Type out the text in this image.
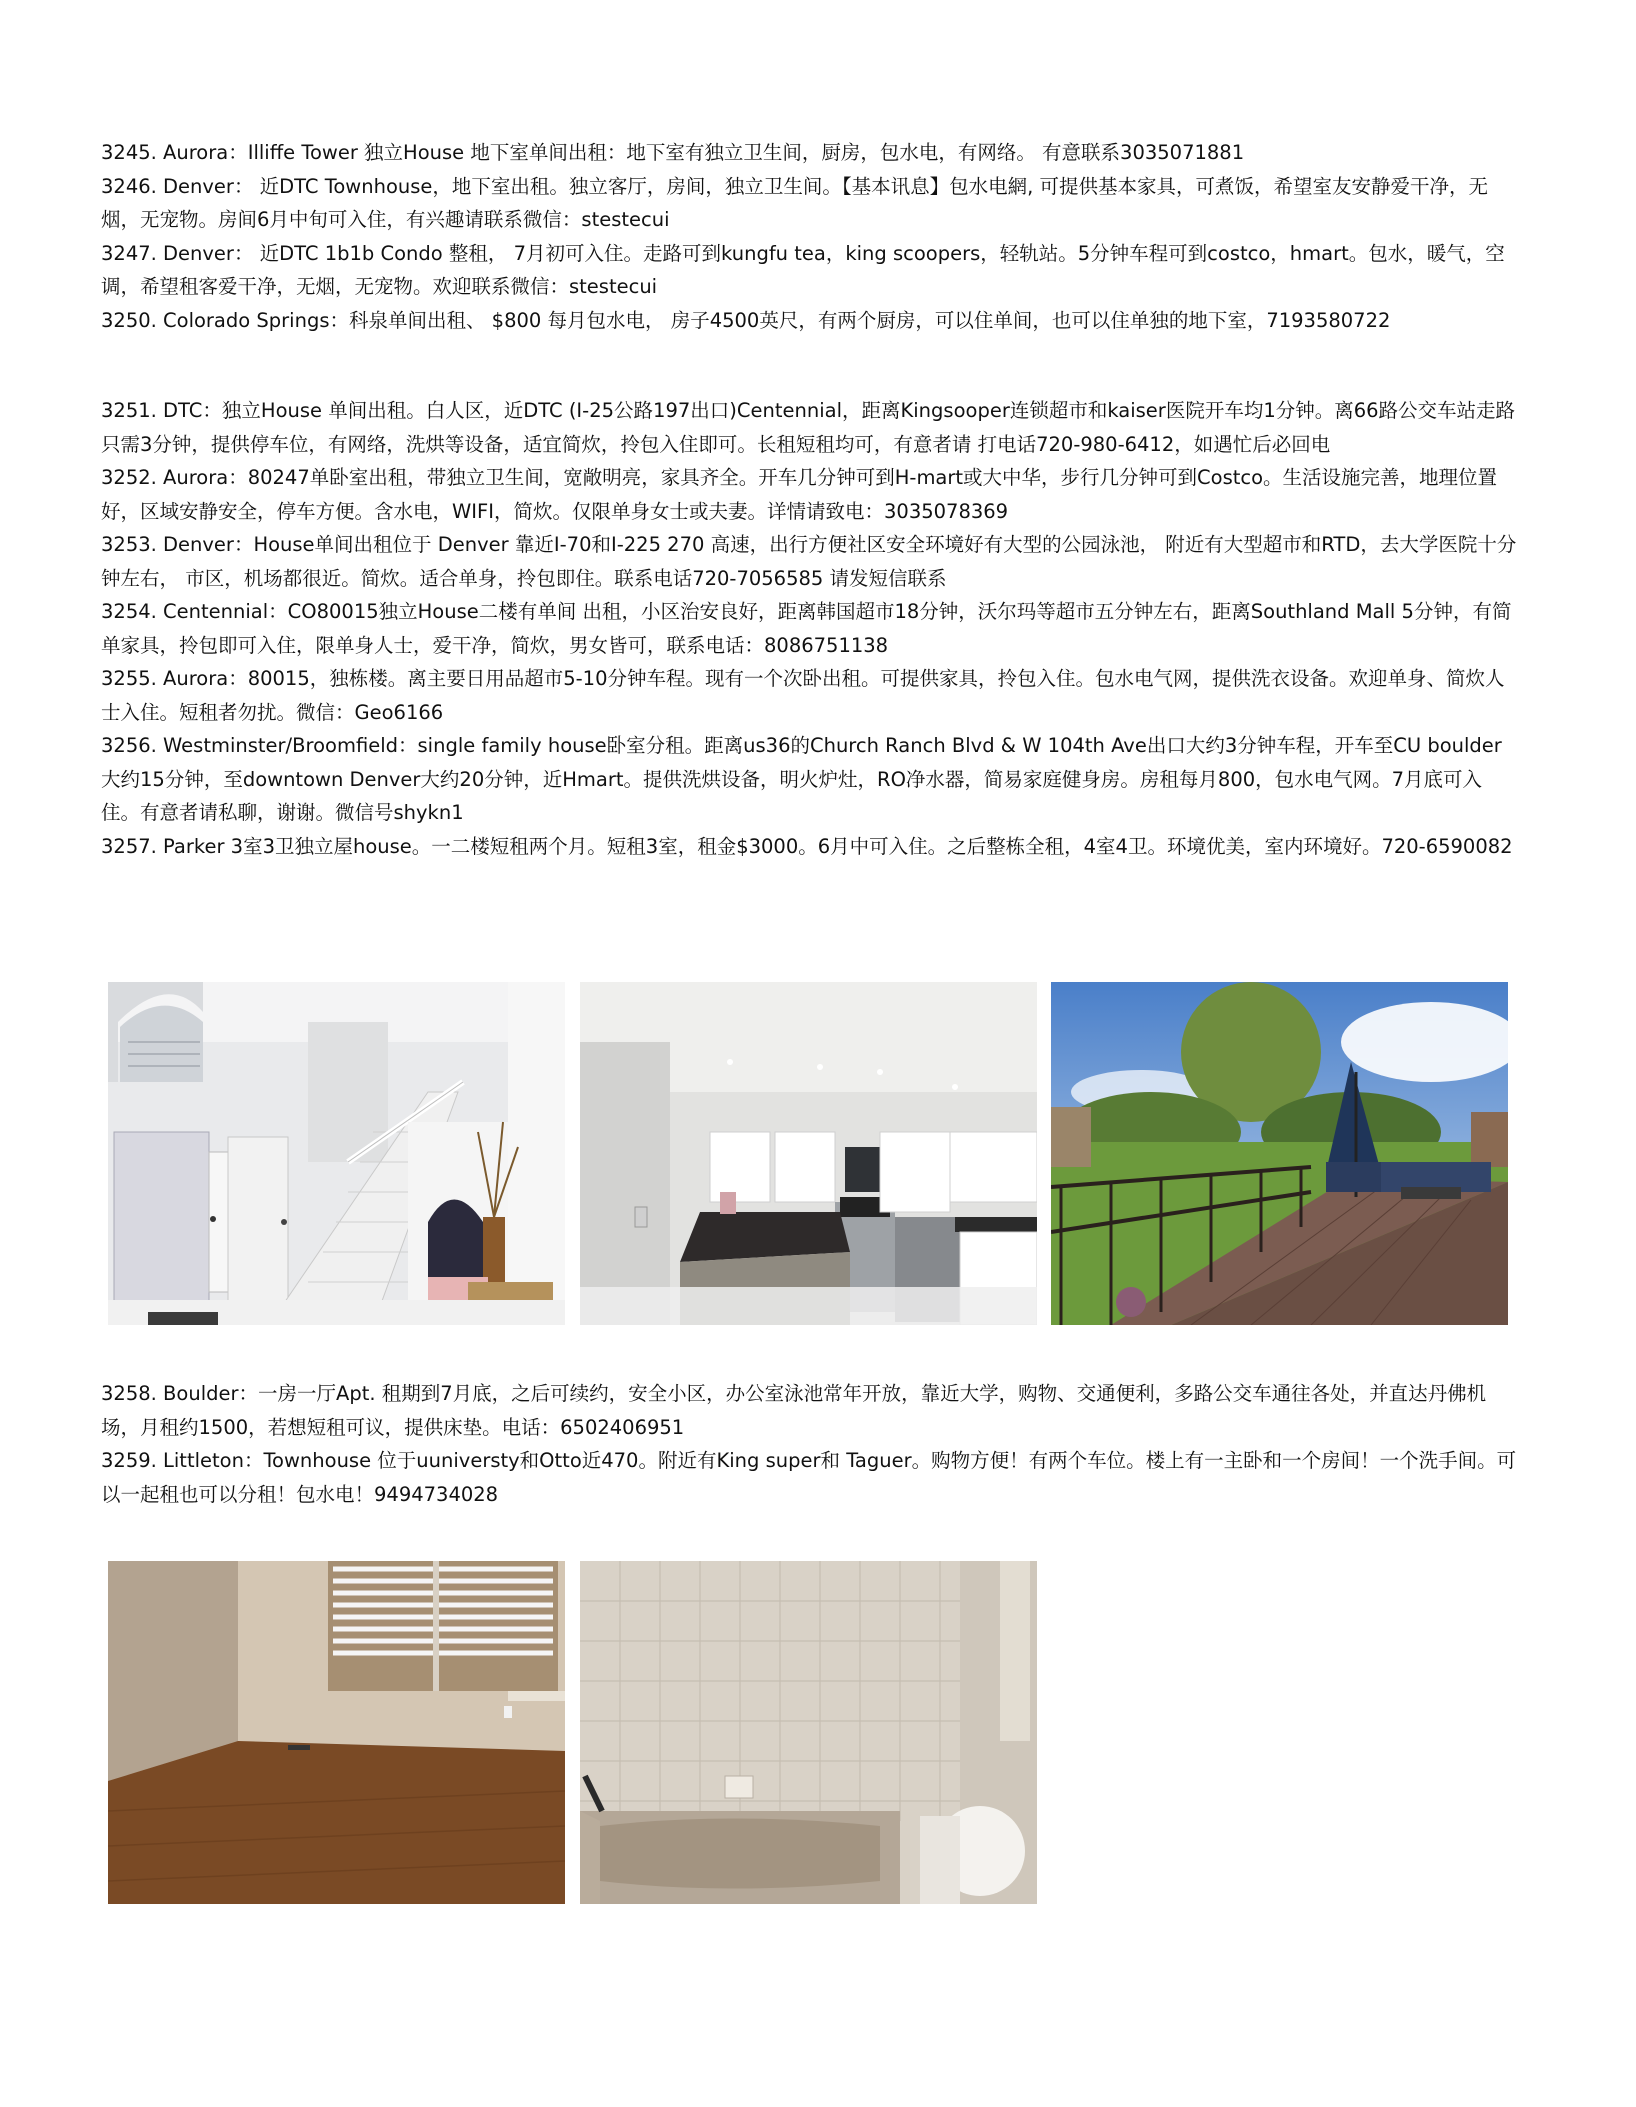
3245. Aurora：Illiffe Tower 独立House 地下室单间出租：地下室有独立卫生间，厨房，包水电，有网络。 有意联系3035071881

3246. Denver： 近DTC Townhouse，地下室出租。独立客厅，房间，独立卫生间。【基本讯息】包水电網, 可提供基本家具，可煮饭，希望室友安静爱干净，无烟，无宠物。房间6月中旬可入住，有兴趣请联系微信：stestecui

3247. Denver： 近DTC 1b1b Condo 整租， 7月初可入住。走路可到kungfu tea，king scoopers，轻轨站。5分钟车程可到costco，hmart。包水，暖气，空调，希望租客爱干净，无烟，无宠物。欢迎联系微信：stestecui

3250. Colorado Springs：科泉单间出租、 $800 每月包水电， 房子4500英尺，有两个厨房，可以住单间，也可以住单独的地下室，7193580722

3251. DTC：独立House 单间出租。白人区，近DTC (I-25公路197出口)Centennial，距离Kingsooper连锁超市和kaiser医院开车均1分钟。离66路公交车站走路只需3分钟，提供停车位，有网络，洗烘等设备，适宜简炊，拎包入住即可。长租短租均可，有意者请 打电话720-980-6412，如遇忙后必回电

3252. Aurora：80247单卧室出租，带独立卫生间，宽敞明亮，家具齐全。开车几分钟可到H-mart或大中华，步行几分钟可到Costco。生活设施完善，地理位置好，区域安静安全，停车方便。含水电，WIFI，简炊。仅限单身女士或夫妻。详情请致电：3035078369

3253. Denver：House单间出租位于 Denver 靠近I-70和I-225 270 高速，出行方便社区安全环境好有大型的公园泳池， 附近有大型超市和RTD，去大学医院十分钟左右， 市区，机场都很近。简炊。适合单身，拎包即住。联系电话720-7056585 请发短信联系

3254. Centennial：CO80015独立House二楼有单间 出租，小区治安良好，距离韩国超市18分钟，沃尔玛等超市五分钟左右，距离Southland Mall 5分钟，有简单家具，拎包即可入住，限单身人士，爱干净，简炊，男女皆可，联系电话：8086751138

3255. Aurora：80015，独栋楼。离主要日用品超市5-10分钟车程。现有一个次卧出租。可提供家具，拎包入住。包水电气网，提供洗衣设备。欢迎单身、简炊人士入住。短租者勿扰。微信：Geo6166

3256. Westminster/Broomfield：single family house卧室分租。距离us36的Church Ranch Blvd & W 104th Ave出口大约3分钟车程，开车至CU boulder大约15分钟，至downtown Denver大约20分钟，近Hmart。提供洗烘设备，明火炉灶，RO净水器，简易家庭健身房。房租每月800，包水电气网。7月底可入住。有意者请私聊，谢谢。微信号shykn1

3257. Parker 3室3卫独立屋house。一二楼短租两个月。短租3室，租金$3000。6月中可入住。之后整栋全租，4室4卫。环境优美，室内环境好。720-6590082

3258. Boulder：一房一厅Apt. 租期到7月底，之后可续约，安全小区，办公室泳池常年开放，靠近大学，购物、交通便利，多路公交车通往各处，并直达丹佛机场，月租约1500，若想短租可议，提供床垫。电话：6502406951

3259. Littleton：Townhouse 位于uuniversty和Otto近470。附近有King super和 Taguer。购物方便！有两个车位。楼上有一主卧和一个房间！一个洗手间。可以一起租也可以分租！包水电！9494734028
